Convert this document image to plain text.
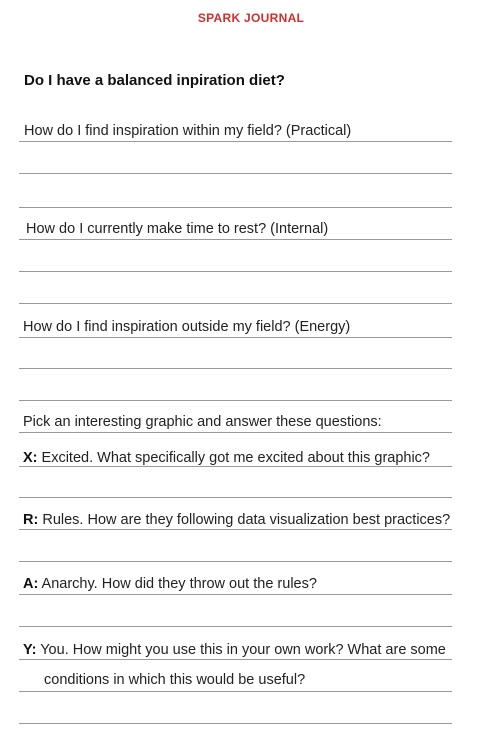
SPARK JOURNAL
Do I have a balanced inpiration diet?
How do I find inspiration within my field? (Practical)
How do I currently make time to rest? (Internal)
How do I find inspiration outside my field? (Energy)
Pick an interesting graphic and answer these questions:
X: Excited. What specifically got me excited about this graphic?
R: Rules. How are they following data visualization best practices?
A: Anarchy. How did they throw out the rules?
Y: You. How might you use this in your own work? What are some
conditions in which this would be useful?
